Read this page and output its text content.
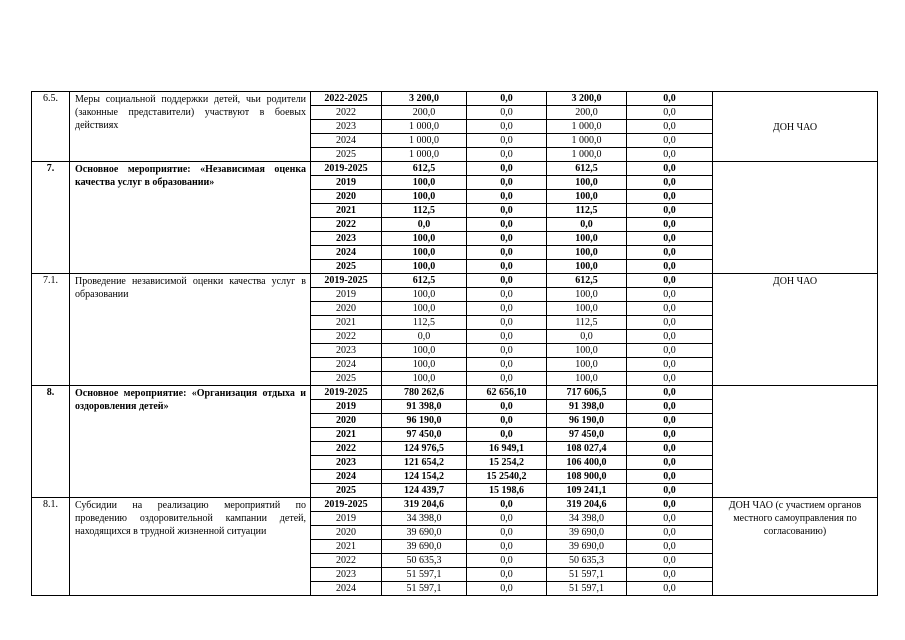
6.5.	Меры социальной поддержки детей, чьи родители (законные представители) участвуют в боевых действиях	2022-2025	3 200,0	0,0	3 200,0	0,0	ДОН ЧАО
		2022	200,0	0,0	200,0	0,0	
		2023	1 000,0	0,0	1 000,0	0,0	
		2024	1 000,0	0,0	1 000,0	0,0	
		2025	1 000,0	0,0	1 000,0	0,0	
7.	Основное мероприятие: «Независимая оценка качества услуг в образовании»	2019-2025	612,5	0,0	612,5	0,0	
		2019	100,0	0,0	100,0	0,0	
		2020	100,0	0,0	100,0	0,0	
		2021	112,5	0,0	112,5	0,0	
		2022	0,0	0,0	0,0	0,0	
		2023	100,0	0,0	100,0	0,0	
		2024	100,0	0,0	100,0	0,0	
		2025	100,0	0,0	100,0	0,0	
7.1.	Проведение независимой оценки качества услуг в образовании	2019-2025	612,5	0,0	612,5	0,0	ДОН ЧАО
		2019	100,0	0,0	100,0	0,0	
		2020	100,0	0,0	100,0	0,0	
		2021	112,5	0,0	112,5	0,0	
		2022	0,0	0,0	0,0	0,0	
		2023	100,0	0,0	100,0	0,0	
		2024	100,0	0,0	100,0	0,0	
		2025	100,0	0,0	100,0	0,0	
8.	Основное мероприятие: «Организация отдыха и оздоровления детей»	2019-2025	780 262,6	62 656,10	717 606,5	0,0	
		2019	91 398,0	0,0	91 398,0	0,0	
		2020	96 190,0	0,0	96 190,0	0,0	
		2021	97 450,0	0,0	97 450,0	0,0	
		2022	124 976,5	16 949,1	108 027,4	0,0	
		2023	121 654,2	15 254,2	106 400,0	0,0	
		2024	124 154,2	15 2540,2	108 900,0	0,0	
		2025	124 439,7	15 198,6	109 241,1	0,0	
8.1.	Субсидии на реализацию мероприятий по проведению оздоровительной кампании детей, находящихся в трудной жизненной ситуации	2019-2025	319 204,6	0,0	319 204,6	0,0	ДОН ЧАО (с участием органов местного самоуправления по согласованию)
		2019	34 398,0	0,0	34 398,0	0,0	
		2020	39 690,0	0,0	39 690,0	0,0	
		2021	39 690,0	0,0	39 690,0	0,0	
		2022	50 635,3	0,0	50 635,3	0,0	
		2023	51 597,1	0,0	51 597,1	0,0	
		2024	51 597,1	0,0	51 597,1	0,0	
